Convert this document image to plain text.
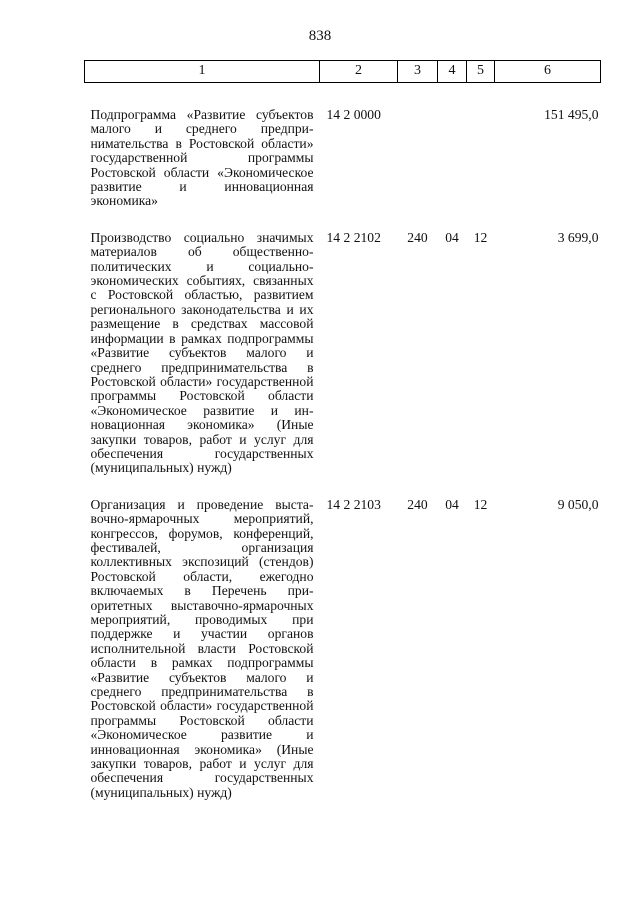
838
1	2	3	4	5	6
Подпрограмма «Развитие субъектов малого и среднего предпринимательства в Ростовской области» государственной программы Ростовской области «Экономическое развитие и инновационная экономика»	14 2 0000				151 495,0
Производство социально значимых материалов об общественно-политических и социально-экономических событиях, связанных с Ростовской областью, развитием регионального законодательства и их размещение в средствах массовой информации в рамках подпрограммы «Развитие субъектов малого и среднего предпринимательства в Ростовской области» государственной программы Ростовской области «Экономическое развитие и инновационная экономика» (Иные закупки товаров, работ и услуг для обеспечения государственных (муниципальных) нужд)	14 2 2102	240	04	12	3 699,0
Организация и проведение выставочно-ярмарочных мероприятий, конгрессов, форумов, конференций, фестивалей, организация коллективных экспозиций (стендов) Ростовской области, ежегодно включаемых в Перечень приоритетных выставочно-ярмарочных мероприятий, проводимых при поддержке и участии органов исполнительной власти Ростовской области в рамках подпрограммы «Развитие субъектов малого и среднего предпринимательства в Ростовской области» государственной программы Ростовской области «Экономическое развитие и инновационная экономика» (Иные закупки товаров, работ и услуг для обеспечения государственных (муниципальных) нужд)	14 2 2103	240	04	12	9 050,0
